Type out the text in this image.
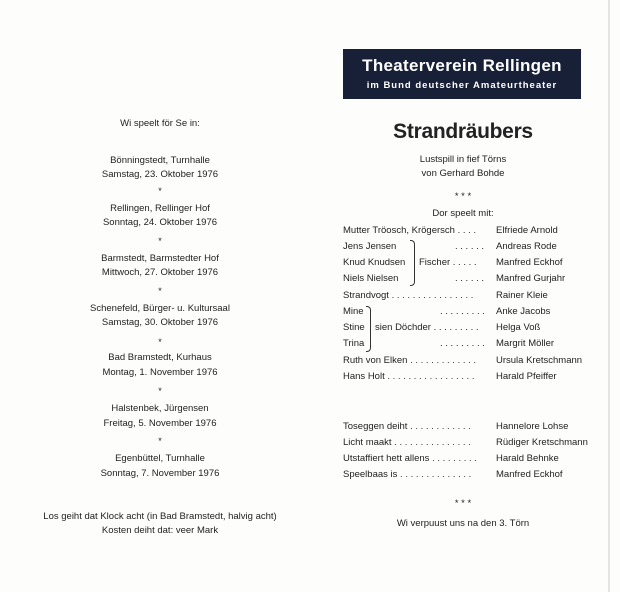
Wi speelt för Se in:
Bönningstedt, Turnhalle
Samstag, 23. Oktober 1976
*
Rellingen, Rellinger Hof
Sonntag, 24. Oktober 1976
*
Barmstedt, Barmstedter Hof
Mittwoch, 27. Oktober 1976
*
Schenefeld, Bürger- u. Kultursaal
Samstag, 30. Oktober 1976
*
Bad Bramstedt, Kurhaus
Montag, 1. November 1976
*
Halstenbek, Jürgensen
Freitag, 5. November 1976
*
Egenbüttel, Turnhalle
Sonntag, 7. November 1976
Los geiht dat Klock acht (in Bad Bramstedt, halvig acht)
Kosten deiht dat: veer Mark
Theaterverein Rellingen
im Bund deutscher Amateurtheater
Strandräubers
Lustspill in fief Törns
von Gerhard Bohde
* * *
Dor speelt mit:
Mutter Tröosch, Krögersch . . . . Elfriede Arnold
Jens Jensen	. . . . . . Andreas Rode
Knud Knudsen Fischer . . . . . Manfred Eckhof
Niels Nielsen	. . . . . . Manfred Gurjahr
Strandvogt . . . . . . . . . . . . . . . . Rainer Kleie
Mine	. . . . . . . . . Anke Jacobs
Stine sien Döchder . . . . . . . . . Helga Voß
Trina	. . . . . . . . . Margrit Möller
Ruth von Elken . . . . . . . . . . . . . Ursula Kretschmann
Hans Holt . . . . . . . . . . . . . . . . . Harald Pfeiffer
Toseggen deiht . . . . . . . . . . . .	Hannelore Lohse
Licht maakt . . . . . . . . . . . . . . .	Rüdiger Kretschmann
Utstaffiert hett allens . . . . . . . . . Harald Behnke
Speelbaas is . . . . . . . . . . . . . .	Manfred Eckhof
* * *
Wi verpuust uns na den 3. Törn
